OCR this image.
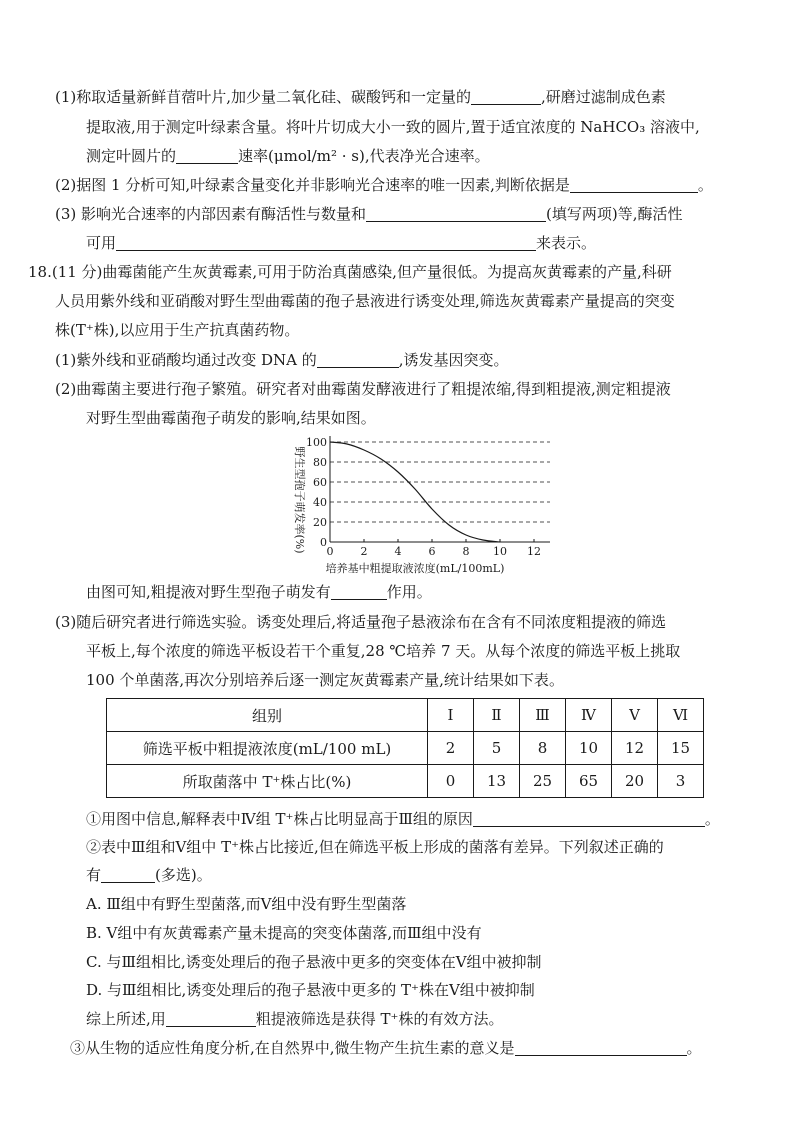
(1)称取适量新鲜苜蓿叶片,加少量二氧化硅、碳酸钙和一定量的	,研磨过滤制成色素
提取液,用于测定叶绿素含量。将叶片切成大小一致的圆片,置于适宜浓度的 NaHCO₃ 溶液中,
测定叶圆片的	速率(μmol/m² · s),代表净光合速率。
(2)据图 1 分析可知,叶绿素含量变化并非影响光合速率的唯一因素,判断依据是	。
(3) 影响光合速率的内部因素有酶活性与数量和	(填写两项)等,酶活性
可用	来表示。
18.(11 分)曲霉菌能产生灰黄霉素,可用于防治真菌感染,但产量很低。为提高灰黄霉素的产量,科研
人员用紫外线和亚硝酸对野生型曲霉菌的孢子悬液进行诱变处理,筛选灰黄霉素产量提高的突变
株(T⁺株),以应用于生产抗真菌药物。
(1)紫外线和亚硝酸均通过改变 DNA 的	,诱发基因突变。
(2)曲霉菌主要进行孢子繁殖。研究者对曲霉菌发酵液进行了粗提浓缩,得到粗提液,测定粗提液
对野生型曲霉菌孢子萌发的影响,结果如图。
野生型孢子萌发率(%) 0
20
40
60
80
100
0 2 4 6 8 10 12
培养基中粗提取液浓度(mL/100mL)
由图可知,粗提液对野生型孢子萌发有	作用。
(3)随后研究者进行筛选实验。诱变处理后,将适量孢子悬液涂布在含有不同浓度粗提液的筛选
平板上,每个浓度的筛选平板设若干个重复,28 ℃培养 7 天。从每个浓度的筛选平板上挑取
100 个单菌落,再次分别培养后逐一测定灰黄霉素产量,统计结果如下表。
组别	Ⅰ	Ⅱ	Ⅲ	Ⅳ	Ⅴ	Ⅵ
筛选平板中粗提液浓度(mL/100 mL)	2	5	8	10	12	15
所取菌落中 T⁺株占比(%)	0	13	25	65	20	3
①用图中信息,解释表中Ⅳ组 T⁺株占比明显高于Ⅲ组的原因	。
②表中Ⅲ组和Ⅴ组中 T⁺株占比接近,但在筛选平板上形成的菌落有差异。下列叙述正确的
有	(多选)。
A. Ⅲ组中有野生型菌落,而Ⅴ组中没有野生型菌落
B. Ⅴ组中有灰黄霉素产量未提高的突变体菌落,而Ⅲ组中没有
C. 与Ⅲ组相比,诱变处理后的孢子悬液中更多的突变体在Ⅴ组中被抑制
D. 与Ⅲ组相比,诱变处理后的孢子悬液中更多的 T⁺株在Ⅴ组中被抑制
综上所述,用	粗提液筛选是获得 T⁺株的有效方法。
③从生物的适应性角度分析,在自然界中,微生物产生抗生素的意义是	。
